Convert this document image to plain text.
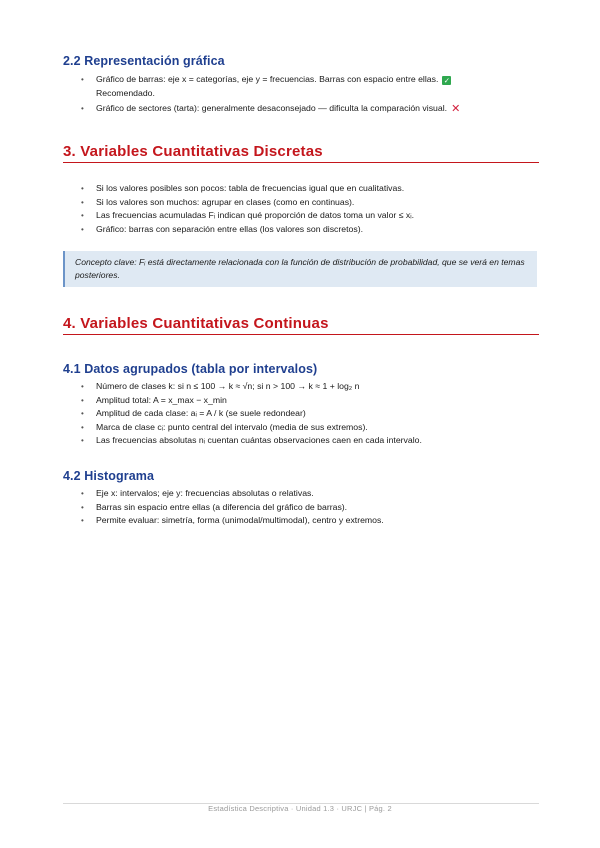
2.2 Representación gráfica
• Gráfico de barras: eje x = categorías, eje y = frecuencias. Barras con espacio entre ellas. ✓
Recomendado.
• Gráfico de sectores (tarta): generalmente desaconsejado — dificulta la comparación visual. ✕
3. Variables Cuantitativas Discretas
• Si los valores posibles son pocos: tabla de frecuencias igual que en cualitativas.
• Si los valores son muchos: agrupar en clases (como en continuas).
• Las frecuencias acumuladas Fᵢ indican qué proporción de datos toma un valor ≤ xᵢ.
• Gráfico: barras con separación entre ellas (los valores son discretos).
Concepto clave: Fᵢ está directamente relacionada con la función de distribución de probabilidad, que se verá en temas posteriores.
4. Variables Cuantitativas Continuas
4.1 Datos agrupados (tabla por intervalos)
• Número de clases k: si n ≤ 100 → k ≈ √n; si n > 100 → k ≈ 1 + log₂ n
• Amplitud total: A = x_max − x_min
• Amplitud de cada clase: aᵢ = A / k (se suele redondear)
• Marca de clase cᵢ: punto central del intervalo (media de sus extremos).
• Las frecuencias absolutas nᵢ cuentan cuántas observaciones caen en cada intervalo.
4.2 Histograma
• Eje x: intervalos; eje y: frecuencias absolutas o relativas.
• Barras sin espacio entre ellas (a diferencia del gráfico de barras).
• Permite evaluar: simetría, forma (unimodal/multimodal), centro y extremos.
Estadística Descriptiva · Unidad 1.3 · URJC | Pág. 2
